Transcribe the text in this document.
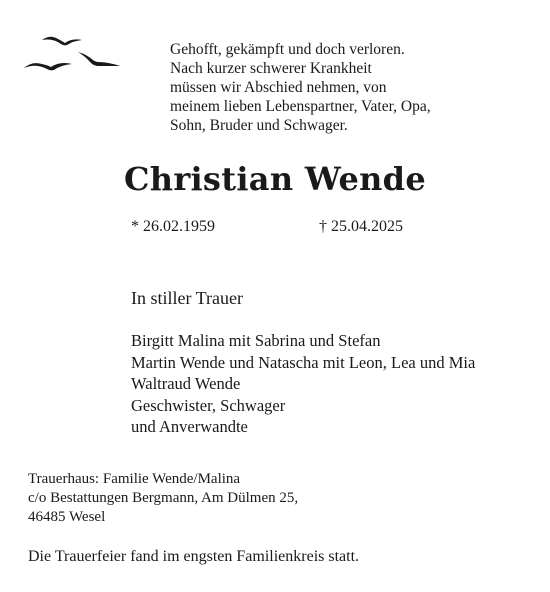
Gehofft, gekämpft und doch verloren.
Nach kurzer schwerer Krankheit
müssen wir Abschied nehmen, von
meinem lieben Lebenspartner, Vater, Opa,
Sohn, Bruder und Schwager.
Christian Wende
* 26.02.1959	† 25.04.2025
In stiller Trauer
Birgitt Malina mit Sabrina und Stefan
Martin Wende und Natascha mit Leon, Lea und Mia
Waltraud Wende
Geschwister, Schwager
und Anverwandte
Trauerhaus: Familie Wende/Malina
c/o Bestattungen Bergmann, Am Dülmen 25,
46485 Wesel
Die Trauerfeier fand im engsten Familienkreis statt.
